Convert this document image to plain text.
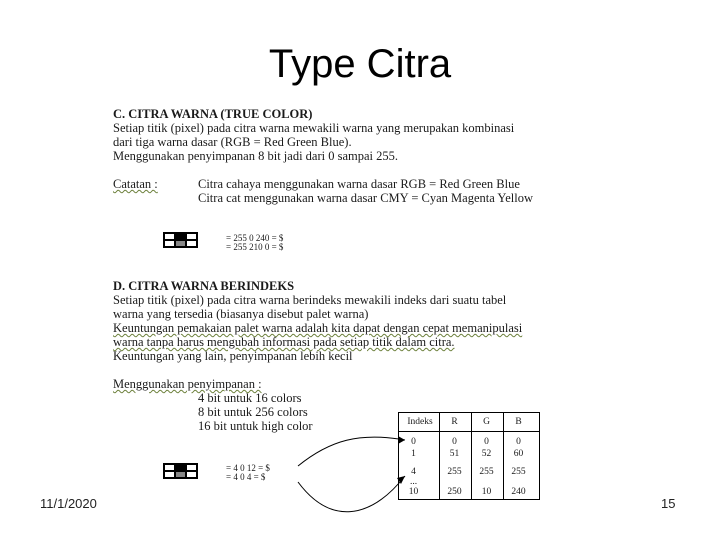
Type Citra
C. CITRA WARNA (TRUE COLOR)
Setiap titik (pixel) pada citra warna mewakili warna yang merupakan kombinasi
dari tiga warna dasar (RGB = Red Green Blue).
Menggunakan penyimpanan 8 bit jadi dari 0 sampai 255.
Catatan :	Citra cahaya menggunakan warna dasar RGB = Red Green Blue
Citra cat menggunakan warna dasar CMY = Cyan Magenta Yellow
= 255 0 240 = $
= 255 210 0 = $
D. CITRA WARNA BERINDEKS
Setiap titik (pixel) pada citra warna berindeks mewakili indeks dari suatu tabel
warna yang tersedia (biasanya disebut palet warna)
Keuntungan pemakaian palet warna adalah kita dapat dengan cepat memanipulasi
warna tanpa harus mengubah informasi pada setiap titik dalam citra.
Keuntungan yang lain, penyimpanan lebih kecil
Menggunakan penyimpanan :
4 bit untuk 16 colors
8 bit untuk 256 colors
16 bit untuk high color
= 4 0 12 = $
= 4 0 4 = $
Indeks	R	G	B
0	0	0	0
1	51	52	60
4	255	255	255
...
10	250	10	240
11/1/2020	15
